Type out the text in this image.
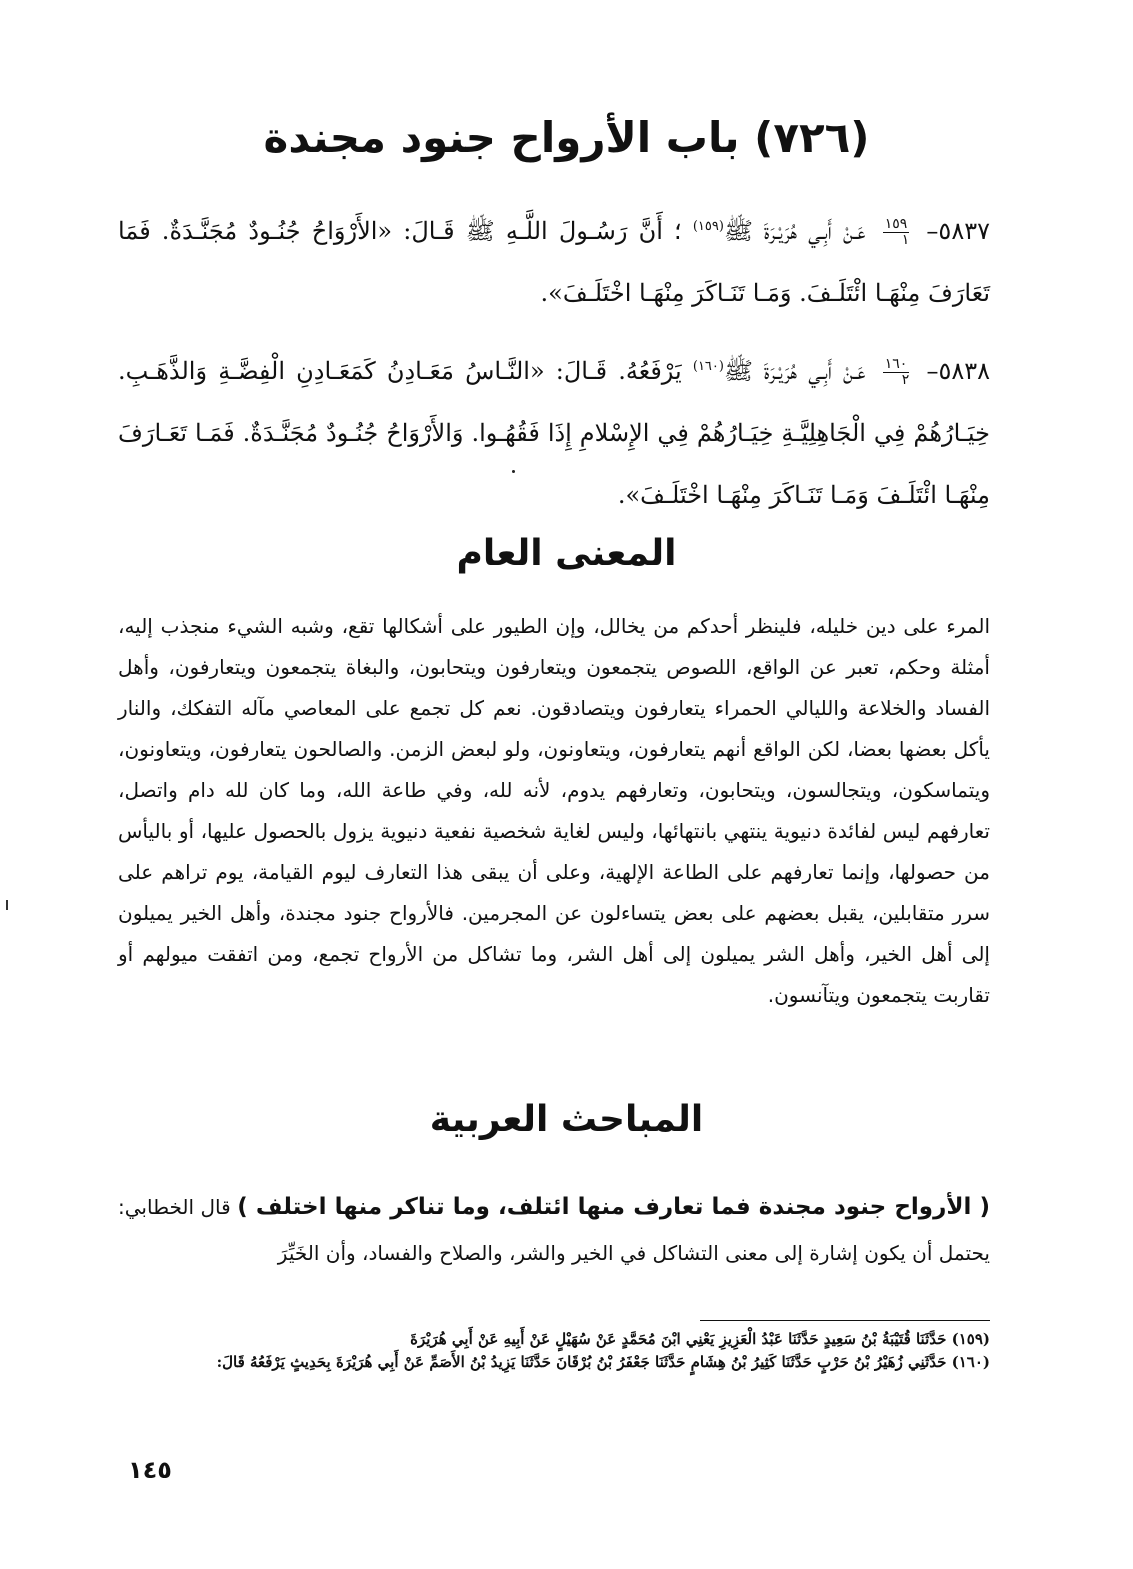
(٧٢٦) باب الأرواح جنود مجندة
٥٨٣٧–
$\frac{١٥٩}{١}$
عَـنْ أَبِـي هُرَيْـرَةَ ﷺ$^{(١٥٩)}$ ؛ أَنَّ رَسُـولَ اللَّـهِ ﷺ قَـالَ: «الأَرْوَاحُ جُنُـودٌ مُجَنَّـدَةٌ. فَمَا تَعَارَفَ مِنْهَـا ائْتَلَـفَ. وَمَـا تَنَـاكَرَ مِنْهَـا اخْتَلَـفَ».
٥٨٣٨–
$\frac{١٦٠}{٢}$
عَـنْ أَبِـي هُرَيْـرَةَ ﷺ$^{(١٦٠)}$ يَرْفَعُهُ. قَـالَ: «النَّـاسُ مَعَـادِنُ كَمَعَـادِنِ الْفِضَّـةِ وَالذَّهَـبِ. خِيَـارُهُمْ فِي الْجَاهِلِيَّـةِ خِيَـارُهُمْ فِي الإِسْلامِ إِذَا فَقُهُـوا. وَالأَرْوَاحُ جُنُـودٌ مُجَنَّـدَةٌ. فَمَـا تَعَـارَفَ مِنْهَـا ائْتَلَـفَ وَمَـا تَنَـاكَرَ مِنْهَـا اخْتَلَـفَ».
المعنى العام
المرء على دين خليله، فلينظر أحدكم من يخالل، وإن الطيور على أشكالها تقع، وشبه الشيء منجذب إليه، أمثلة وحكم، تعبر عن الواقع، اللصوص يتجمعون ويتعارفون ويتحابون، والبغاة يتجمعون ويتعارفون، وأهل الفساد والخلاعة والليالي الحمراء يتعارفون ويتصادقون. نعم كل تجمع على المعاصي مآله التفكك، والنار يأكل بعضها بعضا، لكن الواقع أنهم يتعارفون، ويتعاونون، ولو لبعض الزمن. والصالحون يتعارفون، ويتعاونون، ويتماسكون، ويتجالسون، ويتحابون، وتعارفهم يدوم، لأنه لله، وفي طاعة الله، وما كان لله دام واتصل، تعارفهم ليس لفائدة دنيوية ينتهي بانتهائها، وليس لغاية شخصية نفعية دنيوية يزول بالحصول عليها، أو باليأس من حصولها، وإنما تعارفهم على الطاعة الإلهية، وعلى أن يبقى هذا التعارف ليوم القيامة، يوم تراهم على سرر متقابلين، يقبل بعضهم على بعض يتساءلون عن المجرمين. فالأرواح جنود مجندة، وأهل الخير يميلون إلى أهل الخير، وأهل الشر يميلون إلى أهل الشر، وما تشاكل من الأرواح تجمع، ومن اتفقت ميولهم أو تقاربت يتجمعون ويتآنسون.
المباحث العربية
( الأرواح جنود مجندة فما تعارف منها ائتلف، وما تناكر منها اختلف ) قال الخطابي: يحتمل أن يكون إشارة إلى معنى التشاكل في الخير والشر، والصلاح والفساد، وأن الخَيِّرَ

(١٥٩) حَدَّثَنَا قُتَيْبَةُ بْنُ سَعِيدٍ حَدَّثَنَا عَبْدُ الْعَزِيزِ يَعْنِي ابْنَ مُحَمَّدٍ عَنْ سُهَيْلٍ عَنْ أَبِيهِ عَنْ أَبِي هُرَيْرَةَ

(١٦٠) حَدَّثَنِي زُهَيْرُ بْنُ حَرْبٍ حَدَّثَنَا كَثِيرُ بْنُ هِشَامٍ حَدَّثَنَا جَعْفَرُ بْنُ بُرْقَانَ حَدَّثَنَا يَزِيدُ بْنُ الأَصَمِّ عَنْ أَبِي هُرَيْرَةَ بِحَدِيثٍ يَرْفَعُهُ قَالَ:

١٤٥
